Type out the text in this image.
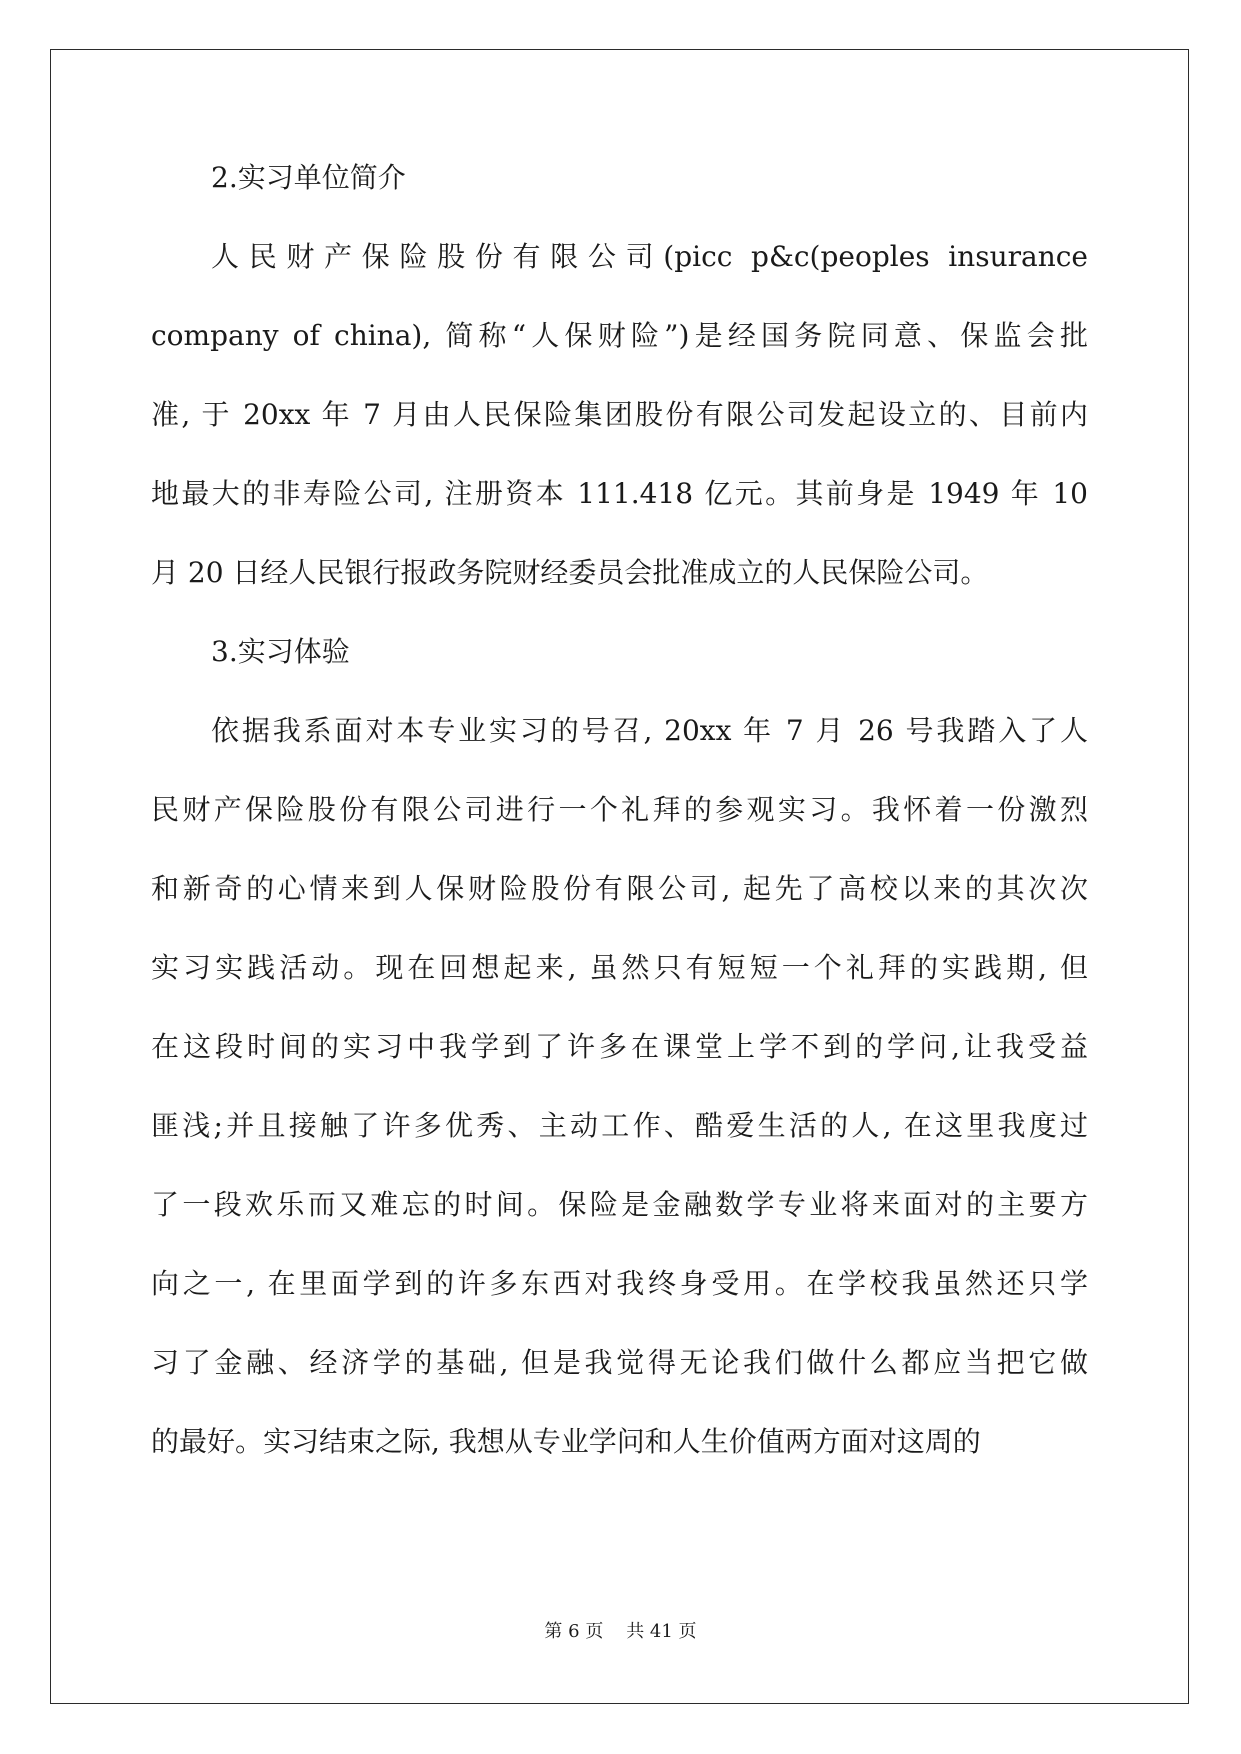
2.实习单位简介
人民财产保险股份有限公司(picc p&c(peoples insurance
company of china), 简称“人保财险”)是经国务院同意、保监会批
准, 于 20xx 年 7 月由人民保险集团股份有限公司发起设立的、目前内
地最大的非寿险公司, 注册资本 111.418 亿元。其前身是 1949 年 10
月 20 日经人民银行报政务院财经委员会批准成立的人民保险公司。
3.实习体验
依据我系面对本专业实习的号召, 20xx 年 7 月 26 号我踏入了人
民财产保险股份有限公司进行一个礼拜的参观实习。我怀着一份激烈
和新奇的心情来到人保财险股份有限公司, 起先了高校以来的其次次
实习实践活动。现在回想起来, 虽然只有短短一个礼拜的实践期, 但
在这段时间的实习中我学到了许多在课堂上学不到的学问,让我受益
匪浅;并且接触了许多优秀、主动工作、酷爱生活的人, 在这里我度过
了一段欢乐而又难忘的时间。保险是金融数学专业将来面对的主要方
向之一, 在里面学到的许多东西对我终身受用。在学校我虽然还只学
习了金融、经济学的基础, 但是我觉得无论我们做什么都应当把它做
的最好。实习结束之际, 我想从专业学问和人生价值两方面对这周的
第 6 页    共 41 页
